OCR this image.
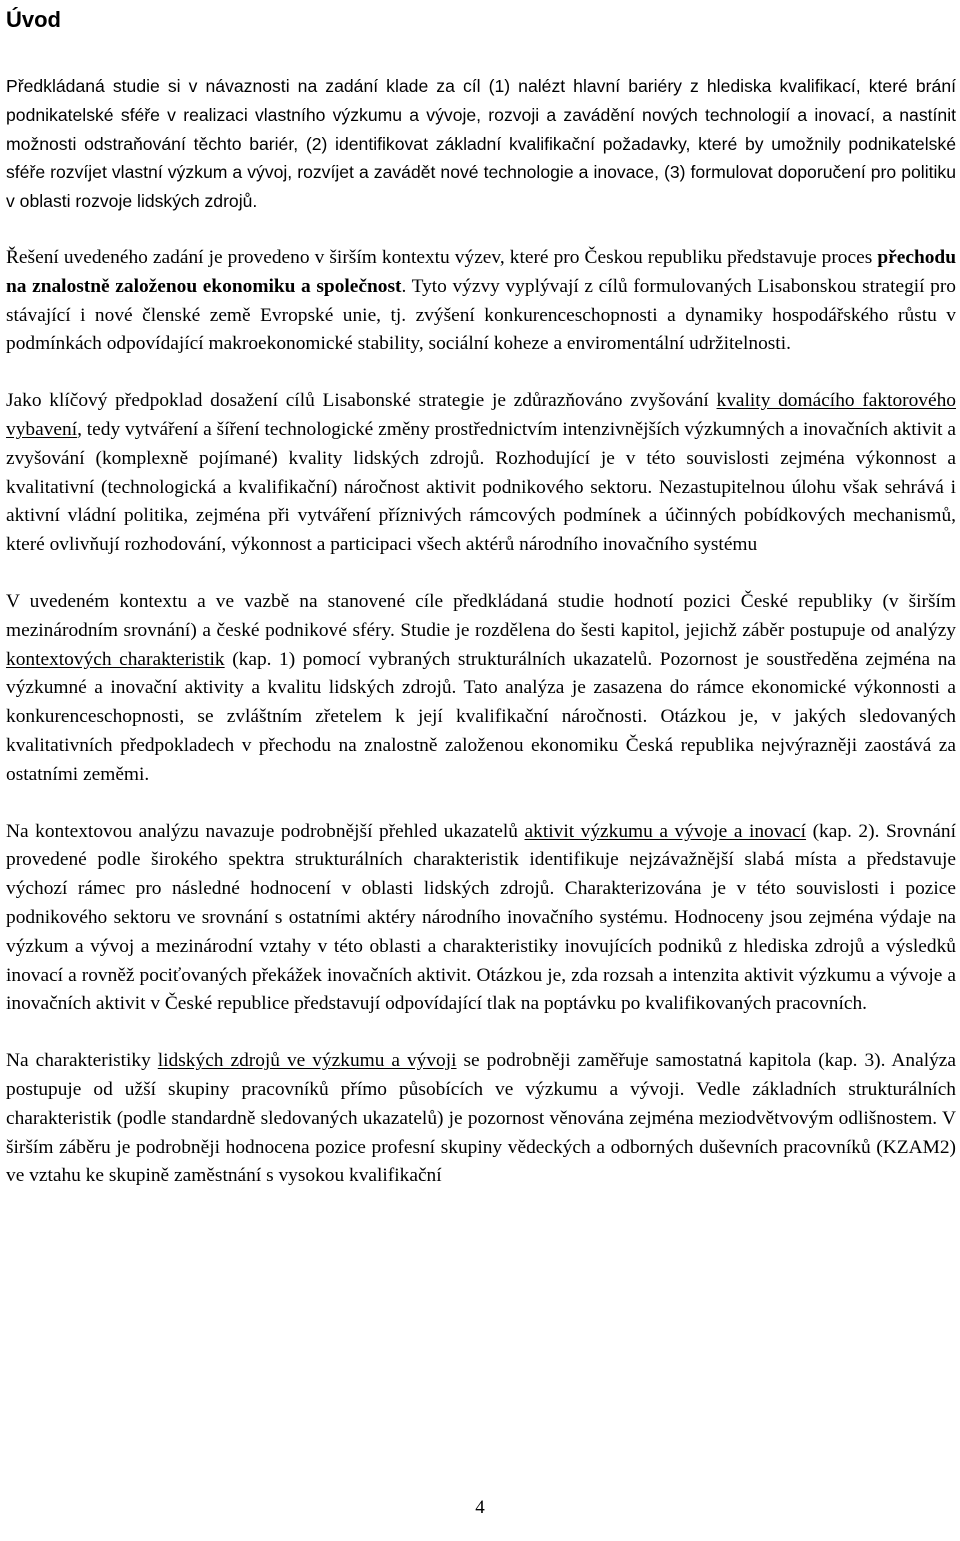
Úvod

Předkládaná studie si v návaznosti na zadání klade za cíl (1) nalézt hlavní bariéry z hlediska kvalifikací, které brání podnikatelské sféře v realizaci vlastního výzkumu a vývoje, rozvoji a zavádění nových technologií a inovací, a nastínit možnosti odstraňování těchto bariér, (2) identifikovat základní kvalifikační požadavky, které by umožnily podnikatelské sféře rozvíjet vlastní výzkum a vývoj, rozvíjet a zavádět nové technologie a inovace, (3) formulovat doporučení pro politiku v oblasti rozvoje lidských zdrojů.

Řešení uvedeného zadání je provedeno v širším kontextu výzev, které pro Českou republiku představuje proces přechodu na znalostně založenou ekonomiku a společnost. Tyto výzvy vyplývají z cílů formulovaných Lisabonskou strategií pro stávající i nové členské země Evropské unie, tj. zvýšení konkurenceschopnosti a dynamiky hospodářského růstu v podmínkách odpovídající makroekonomické stability, sociální koheze a enviromentální udržitelnosti.

Jako klíčový předpoklad dosažení cílů Lisabonské strategie je zdůrazňováno zvyšování kvality domácího faktorového vybavení, tedy vytváření a šíření technologické změny prostřednictvím intenzivnějších výzkumných a inovačních aktivit a zvyšování (komplexně pojímané) kvality lidských zdrojů. Rozhodující je v této souvislosti zejména výkonnost a kvalitativní (technologická a kvalifikační) náročnost aktivit podnikového sektoru. Nezastupitelnou úlohu však sehrává i aktivní vládní politika, zejména při vytváření příznivých rámcových podmínek a účinných pobídkových mechanismů, které ovlivňují rozhodování, výkonnost a participaci všech aktérů národního inovačního systému

V uvedeném kontextu a ve vazbě na stanovené cíle předkládaná studie hodnotí pozici České republiky (v širším mezinárodním srovnání) a české podnikové sféry. Studie je rozdělena do šesti kapitol, jejichž záběr postupuje od analýzy kontextových charakteristik (kap. 1) pomocí vybraných strukturálních ukazatelů. Pozornost je soustředěna zejména na výzkumné a inovační aktivity a kvalitu lidských zdrojů. Tato analýza je zasazena do rámce ekonomické výkonnosti a konkurenceschopnosti, se zvláštním zřetelem k její kvalifikační náročnosti. Otázkou je, v jakých sledovaných kvalitativních předpokladech v přechodu na znalostně založenou ekonomiku Česká republika nejvýrazněji zaostává za ostatními zeměmi.

Na kontextovou analýzu navazuje podrobnější přehled ukazatelů aktivit výzkumu a vývoje a inovací (kap. 2). Srovnání provedené podle širokého spektra strukturálních charakteristik identifikuje nejzávažnější slabá místa a představuje výchozí rámec pro následné hodnocení v oblasti lidských zdrojů. Charakterizována je v této souvislosti i pozice podnikového sektoru ve srovnání s ostatními aktéry národního inovačního systému. Hodnoceny jsou zejména výdaje na výzkum a vývoj a mezinárodní vztahy v této oblasti a charakteristiky inovujících podniků z hlediska zdrojů a výsledků inovací a rovněž pociťovaných překážek inovačních aktivit. Otázkou je, zda rozsah a intenzita aktivit výzkumu a vývoje a inovačních aktivit v České republice představují odpovídající tlak na poptávku po kvalifikovaných pracovních.

Na charakteristiky lidských zdrojů ve výzkumu a vývoji se podrobněji zaměřuje samostatná kapitola (kap. 3). Analýza postupuje od užší skupiny pracovníků přímo působících ve výzkumu a vývoji. Vedle základních strukturálních charakteristik (podle standardně sledovaných ukazatelů) je pozornost věnována zejména meziodvětvovým odlišnostem. V širším záběru je podrobněji hodnocena pozice profesní skupiny vědeckých a odborných duševních pracovníků (KZAM2) ve vztahu ke skupině zaměstnání s vysokou kvalifikační

4
